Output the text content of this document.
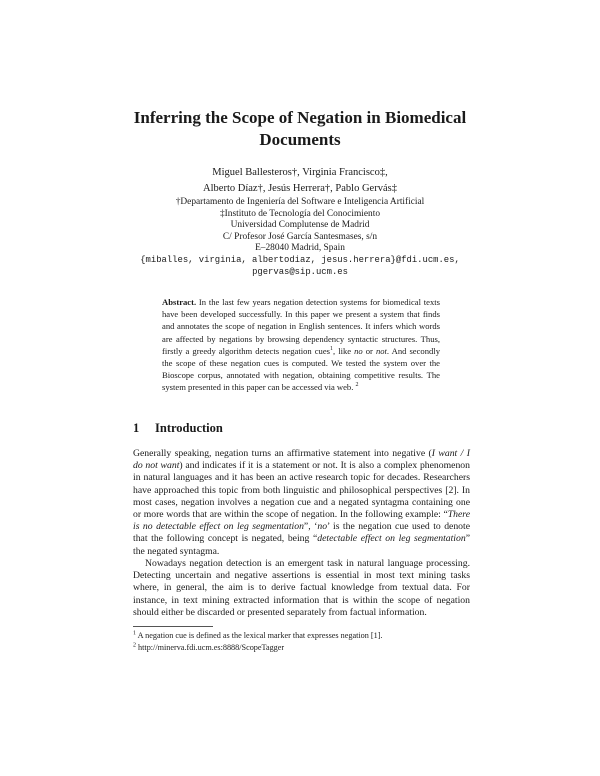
Inferring the Scope of Negation in Biomedical
Documents
Miguel Ballesteros†, Virginia Francisco‡,
Alberto Díaz†, Jesús Herrera†, Pablo Gervás‡
†Departamento de Ingeniería del Software e Inteligencia Artificial
‡Instituto de Tecnología del Conocimiento
Universidad Complutense de Madrid
C/ Profesor José García Santesmases, s/n
E–28040 Madrid, Spain
{miballes, virginia, albertodiaz, jesus.herrera}@fdi.ucm.es,
pgervas@sip.ucm.es

Abstract. In the last few years negation detection systems for biomedical texts have been developed successfully. In this paper we present a system that finds and annotates the scope of negation in English sentences. It infers which words are affected by negations by browsing dependency syntactic structures. Thus, firstly a greedy algorithm detects negation cues$^1$, like no or not. And secondly the scope of these negation cues is computed. We tested the system over the Bioscope corpus, annotated with negation, obtaining competitive results. The system presented in this paper can be accessed via web. $^2$

1 Introduction

Generally speaking, negation turns an affirmative statement into negative (I want / I do not want) and indicates if it is a statement or not. It is also a complex phenomenon in natural languages and it has been an active research topic for decades. Researchers have approached this topic from both linguistic and philosophical perspectives [2]. In most cases, negation involves a negation cue and a negated syntagma containing one or more words that are within the scope of negation. In the following example: “There is no detectable effect on leg segmentation”, ‘no’ is the negation cue used to denote that the following concept is negated, being “detectable effect on leg segmentation” the negated syntagma.

Nowadays negation detection is an emergent task in natural language processing. Detecting uncertain and negative assertions is essential in most text mining tasks where, in general, the aim is to derive factual knowledge from textual data. For instance, in text mining extracted information that is within the scope of negation should either be discarded or presented separately from factual information.

$^1$ A negation cue is defined as the lexical marker that expresses negation [1].

$^2$ http://minerva.fdi.ucm.es:8888/ScopeTagger
